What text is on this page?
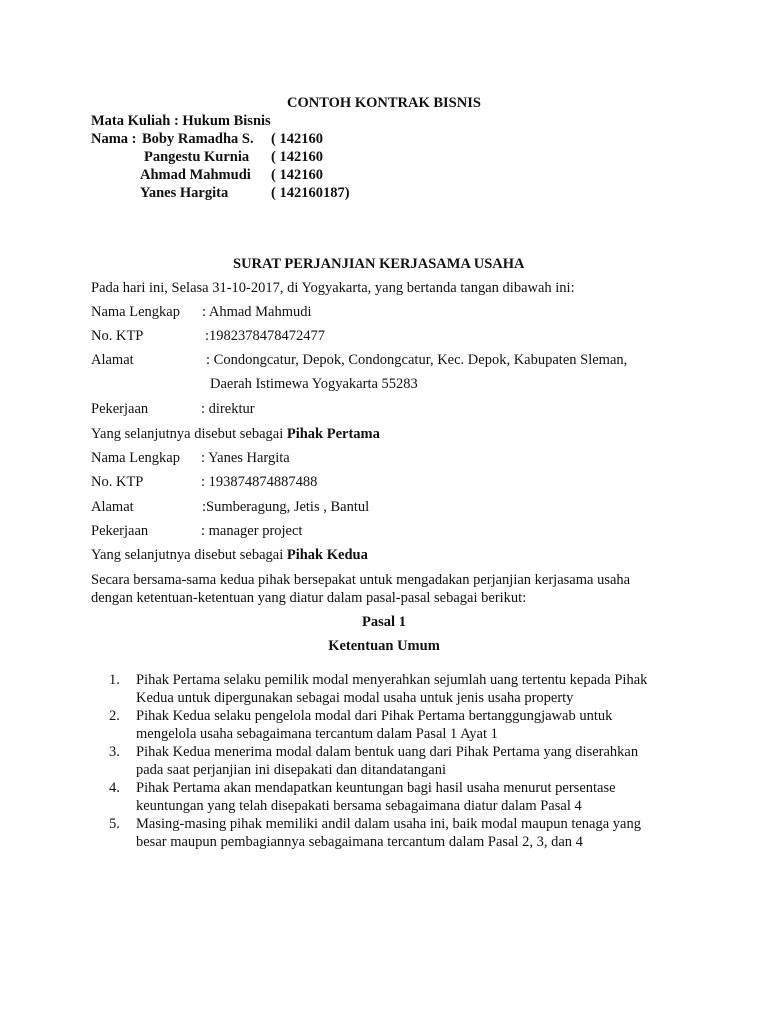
CONTOH KONTRAK BISNIS
Mata Kuliah : Hukum Bisnis
Nama : Boby Ramadha S. ( 142160
Pangestu Kurnia ( 142160
Ahmad Mahmudi ( 142160
Yanes Hargita	( 142160187)
SURAT PERJANJIAN KERJASAMA USAHA
Pada hari ini, Selasa 31-10-2017, di Yogyakarta, yang bertanda tangan dibawah ini:
Nama Lengkap : Ahmad Mahmudi
No. KTP	:1982378478472477
Alamat	: Condongcatur, Depok, Condongcatur, Kec. Depok, Kabupaten Sleman,
Daerah Istimewa Yogyakarta 55283
Pekerjaan	: direktur
Yang selanjutnya disebut sebagai Pihak Pertama
Nama Lengkap : Yanes Hargita
No. KTP	: 193874874887488
Alamat	:Sumberagung, Jetis , Bantul
Pekerjaan	: manager project
Yang selanjutnya disebut sebagai Pihak Kedua
Secara bersama-sama kedua pihak bersepakat untuk mengadakan perjanjian kerjasama usaha
dengan ketentuan-ketentuan yang diatur dalam pasal-pasal sebagai berikut:
Pasal 1
Ketentuan Umum
1. Pihak Pertama selaku pemilik modal menyerahkan sejumlah uang tertentu kepada Pihak
Kedua untuk dipergunakan sebagai modal usaha untuk jenis usaha property
2. Pihak Kedua selaku pengelola modal dari Pihak Pertama bertanggungjawab untuk
mengelola usaha sebagaimana tercantum dalam Pasal 1 Ayat 1
3. Pihak Kedua menerima modal dalam bentuk uang dari Pihak Pertama yang diserahkan
pada saat perjanjian ini disepakati dan ditandatangani
4. Pihak Pertama akan mendapatkan keuntungan bagi hasil usaha menurut persentase
keuntungan yang telah disepakati bersama sebagaimana diatur dalam Pasal 4
5. Masing-masing pihak memiliki andil dalam usaha ini, baik modal maupun tenaga yang
besar maupun pembagiannya sebagaimana tercantum dalam Pasal 2, 3, dan 4
